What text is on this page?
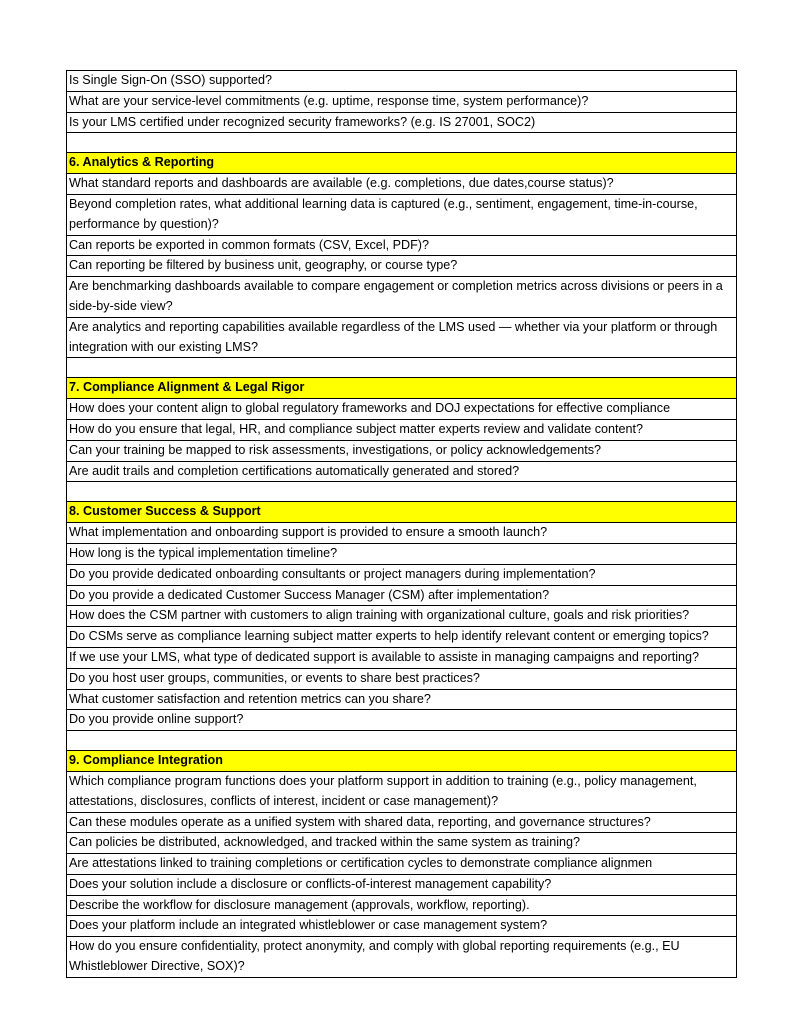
Is Single Sign-On (SSO) supported?
What are your service-level commitments (e.g. uptime, response time, system performance)?
Is your LMS certified under recognized security frameworks? (e.g. IS 27001, SOC2)
6. Analytics & Reporting
What standard reports and dashboards are available (e.g. completions, due dates,course status)?
Beyond completion rates, what additional learning data is captured (e.g., sentiment, engagement, time-in-course, performance by question)?
Can reports be exported in common formats (CSV, Excel, PDF)?
Can reporting be filtered by business unit, geography, or course type?
Are benchmarking dashboards available to compare engagement or completion metrics across divisions or peers in a side-by-side view?
Are analytics and reporting capabilities available regardless of the LMS used — whether via your platform or through integration with our existing LMS?
7. Compliance Alignment & Legal Rigor
How does your content align to global regulatory frameworks and DOJ expectations for effective compliance
How do you ensure that legal, HR, and compliance subject matter experts review and validate content?
Can your training be mapped to risk assessments, investigations, or policy acknowledgements?
Are audit trails and completion certifications automatically generated and stored?
8. Customer Success & Support
What implementation and onboarding support is provided to ensure a smooth launch?
How long is the typical implementation timeline?
Do you provide dedicated onboarding consultants or project managers during implementation?
Do you provide a dedicated Customer Success Manager (CSM) after implementation?
How does the CSM partner with customers to align training with organizational culture, goals and risk priorities?
Do CSMs serve as compliance learning subject matter experts to help identify relevant content or emerging topics?
If we use your LMS, what type of dedicated support is available to assiste in managing campaigns and reporting?
Do you host user groups, communities, or events to share best practices?
What customer satisfaction and retention metrics can you share?
Do you provide online support?
9. Compliance Integration
Which compliance program functions does your platform support in addition to training (e.g., policy management, attestations, disclosures, conflicts of interest, incident or case management)?
Can these modules operate as a unified system with shared data, reporting, and governance structures?
Can policies be distributed, acknowledged, and tracked within the same system as training?
Are attestations linked to training completions or certification cycles to demonstrate compliance alignmen
Does your solution include a disclosure or conflicts-of-interest management capability?
Describe the workflow for disclosure management (approvals, workflow, reporting).
Does your platform include an integrated whistleblower or case management system?
How do you ensure confidentiality, protect anonymity, and comply with global reporting requirements (e.g., EU Whistleblower Directive, SOX)?
